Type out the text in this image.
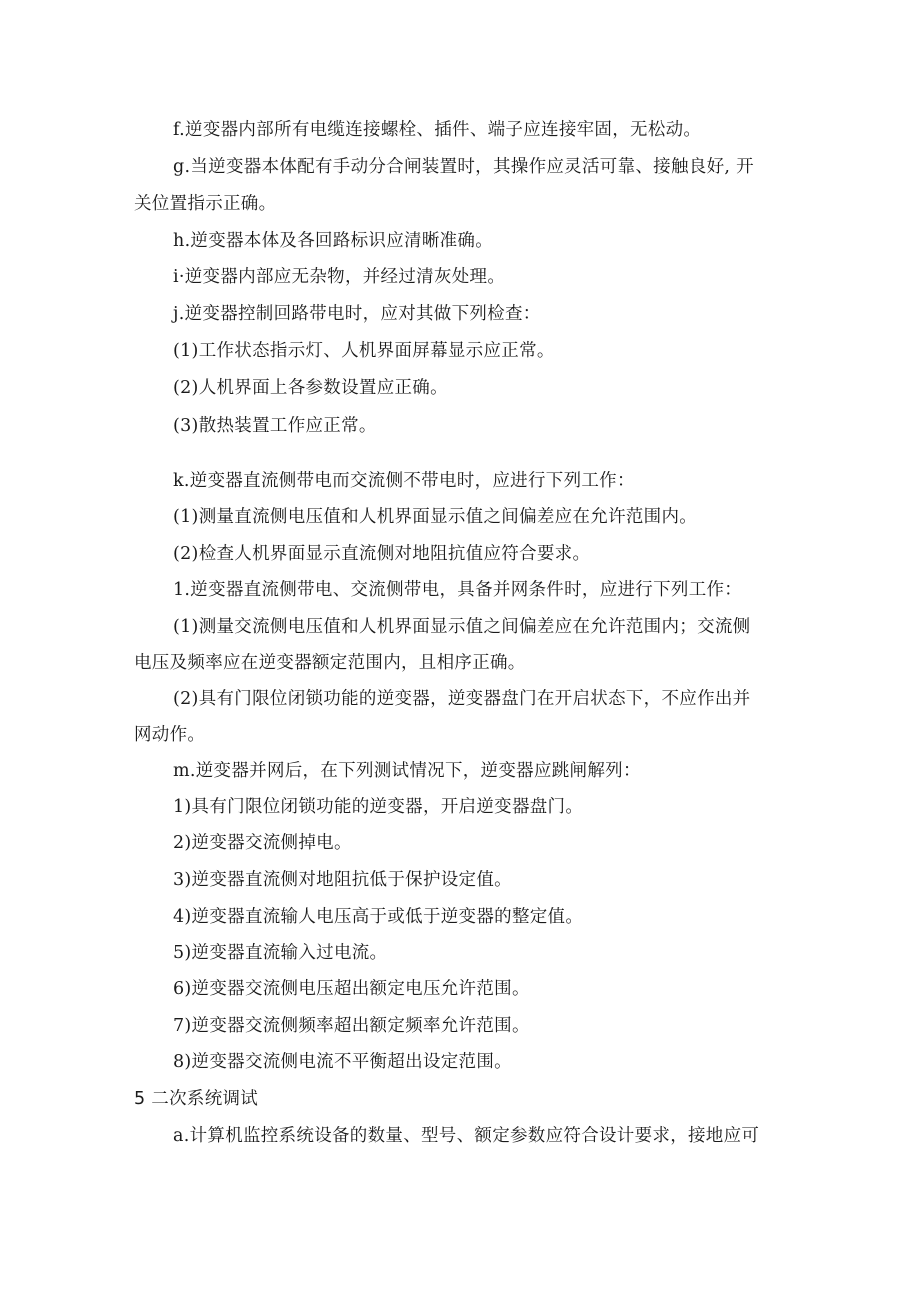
f.逆变器内部所有电缆连接螺栓、插件、端子应连接牢固，无松动。
g.当逆变器本体配有手动分合闸装置时，其操作应灵活可靠、接触良好, 开
关位置指示正确。
h.逆变器本体及各回路标识应清晰准确。
i·逆变器内部应无杂物，并经过清灰处理。
j.逆变器控制回路带电时，应对其做下列检查：
(1)工作状态指示灯、人机界面屏幕显示应正常。
(2)人机界面上各参数设置应正确。
(3)散热装置工作应正常。
k.逆变器直流侧带电而交流侧不带电时，应进行下列工作：
(1)测量直流侧电压值和人机界面显示值之间偏差应在允许范围内。
(2)检查人机界面显示直流侧对地阻抗值应符合要求。
1.逆变器直流侧带电、交流侧带电，具备并网条件时，应进行下列工作：
(1)测量交流侧电压值和人机界面显示值之间偏差应在允许范围内；交流侧
电压及频率应在逆变器额定范围内，且相序正确。
(2)具有门限位闭锁功能的逆变器，逆变器盘门在开启状态下，不应作出并
网动作。
m.逆变器并网后，在下列测试情况下，逆变器应跳闸解列：
1)具有门限位闭锁功能的逆变器，开启逆变器盘门。
2)逆变器交流侧掉电。
3)逆变器直流侧对地阻抗低于保护设定值。
4)逆变器直流输人电压高于或低于逆变器的整定值。
5)逆变器直流输入过电流。
6)逆变器交流侧电压超出额定电压允许范围。
7)逆变器交流侧频率超出额定频率允许范围。
8)逆变器交流侧电流不平衡超出设定范围。
5 二次系统调试
a.计算机监控系统设备的数量、型号、额定参数应符合设计要求，接地应可
